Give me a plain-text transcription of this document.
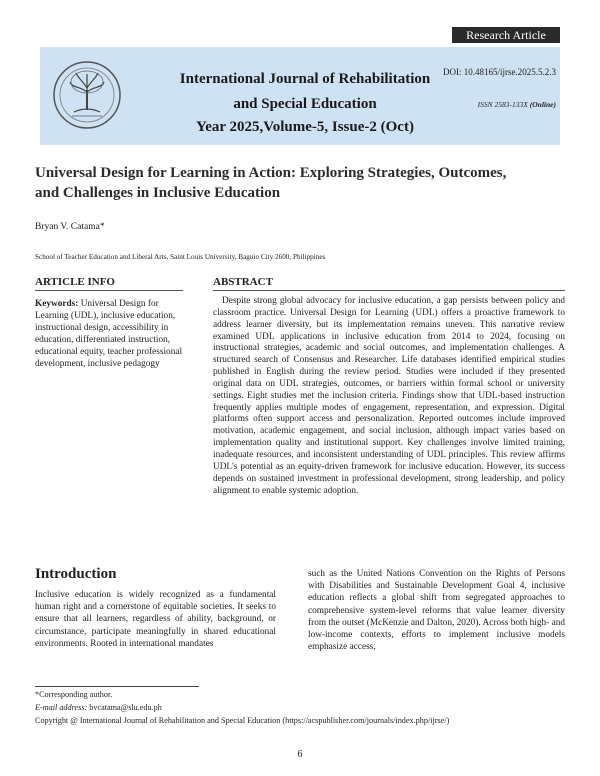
Research Article
International Journal of Rehabilitation
and Special Education
Year 2025,Volume-5, Issue-2 (Oct)
DOI: 10.48165/ijrse.2025.5.2.3
ISSN 2583-133X (Online)
Universal Design for Learning in Action: Exploring Strategies, Outcomes,
and Challenges in Inclusive Education
Bryan V. Catama*
School of Teacher Education and Liberal Arts, Saint Louis University, Baguio City 2600, Philippines
ARTICLE INFO
Keywords: Universal Design for Learning (UDL), inclusive education, instructional design, accessibility in education, differentiated instruction, educational equity, teacher professional development, inclusive pedagogy
ABSTRACT
Despite strong global advocacy for inclusive education, a gap persists between policy and classroom practice. Universal Design for Learning (UDL) offers a proactive framework to address learner diversity, but its implementation remains uneven. This narrative review examined UDL applications in inclusive education from 2014 to 2024, focusing on instructional strategies, academic and social outcomes, and implementation challenges. A structured search of Consensus and Researcher. Life databases identified empirical studies published in English during the review period. Studies were included if they presented original data on UDL strategies, outcomes, or barriers within formal school or university settings. Eight studies met the inclusion criteria. Findings show that UDL-based instruction frequently applies multiple modes of engagement, representation, and expression. Digital platforms often support access and personalization. Reported outcomes include improved motivation, academic engagement, and social inclusion, although impact varies based on implementation quality and institutional support. Key challenges involve limited training, inadequate resources, and inconsistent understanding of UDL principles. This review affirms UDL's potential as an equity-driven framework for inclusive education. However, its success depends on sustained investment in professional development, strong leadership, and policy alignment to enable systemic adoption.
Introduction
Inclusive education is widely recognized as a fundamental human right and a cornerstone of equitable societies. It seeks to ensure that all learners, regardless of ability, background, or circumstance, participate meaningfully in shared educational environments. Rooted in international mandates
such as the United Nations Convention on the Rights of Persons with Disabilities and Sustainable Development Goal 4, inclusive education reflects a global shift from segregated approaches to comprehensive system-level reforms that value learner diversity from the outset (McKenzie and Dalton, 2020). Across both high- and low-income contexts, efforts to implement inclusive models emphasize access,
*Corresponding author.
E-mail address: bvcatama@slu.edu.ph
Copyright @ International Journal of Rehabilitation and Special Education (https://acspublisher.com/journals/index.php/ijrse/)
6
